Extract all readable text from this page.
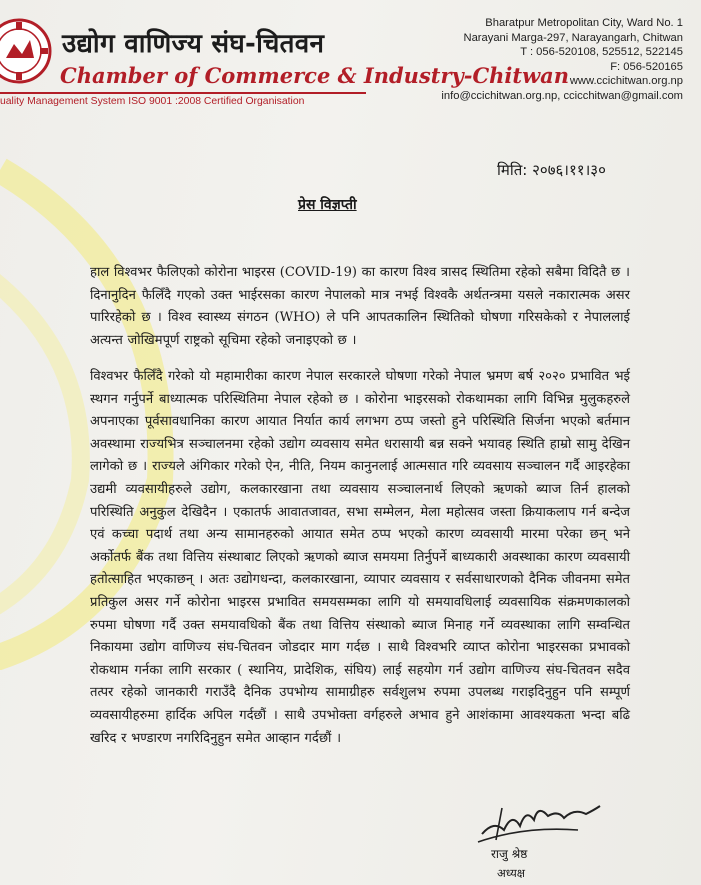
उद्योग वाणिज्य संघ-चितवन
Chamber of Commerce & Industry-Chitwan
uality Management System ISO 9001 :2008 Certified Organisation
Bharatpur Metropolitan City, Ward No. 1
Narayani Marga-297, Narayangarh, Chitwan
T : 056-520108, 525512, 522145
F: 056-520165
www.ccichitwan.org.np
info@ccichitwan.org.np, ccicchitwan@gmail.com
मिति: २०७६।११।३०
प्रेस विज्ञप्ती
हाल विश्वभर फैलिएको कोरोना भाइरस (COVID-19) का कारण विश्व त्रासद स्थितिमा रहेको सबैमा विदितै छ । दिनानुदिन फैलिँदै गएको उक्त भाईरसका कारण नेपालको मात्र नभई विश्वकै अर्थतन्त्रमा यसले नकारात्मक असर पारिरहेको छ । विश्व स्वास्थ्य संगठन (WHO) ले पनि आपतकालिन स्थितिको घोषणा गरिसकेको र नेपाललाई अत्यन्त जोखिमपूर्ण राष्ट्रको सूचिमा रहेको जनाइएको छ ।
विश्वभर फैलिँदै गरेको यो महामारीका कारण नेपाल सरकारले घोषणा गरेको नेपाल भ्रमण बर्ष २०२० प्रभावित भई स्थगन गर्नुपर्ने बाध्यात्मक परिस्थितिमा नेपाल रहेको छ । कोरोना भाइरसको रोकथामका लागि विभिन्न मुलुकहरुले अपनाएका पूर्वसावधानिका कारण आयात निर्यात कार्य लगभग ठप्प जस्तो हुने परिस्थिति सिर्जना भएको बर्तमान अवस्थामा राज्यभित्र सञ्चालनमा रहेको उद्योग व्यवसाय समेत धरासायी बन्न सक्ने भयावह स्थिति हाम्रो सामु देखिन लागेको छ । राज्यले अंगिकार गरेको ऐन, नीति, नियम कानुनलाई आत्मसात गरि व्यवसाय सञ्चालन गर्दै आइरहेका उद्यमी व्यवसायीहरुले उद्योग, कलकारखाना तथा व्यवसाय सञ्चालनार्थ लिएको ऋणको ब्याज तिर्न हालको परिस्थिति अनुकुल देखिदैन । एकातर्फ आवातजावत, सभा सम्मेलन, मेला महोत्सव जस्ता क्रियाकलाप गर्न बन्देज एवं कच्चा पदार्थ तथा अन्य सामानहरुको आयात समेत ठप्प भएको कारण व्यवसायी मारमा परेका छन् भने अर्कोतर्फ बैंक तथा वित्तिय संस्थाबाट लिएको ऋणको ब्याज समयमा तिर्नुपर्ने बाध्यकारी अवस्थाका कारण व्यवसायी हतोत्साहित भएकाछन् । अतः उद्योगधन्दा, कलकारखाना, व्यापार व्यवसाय र सर्वसाधारणको दैनिक जीवनमा समेत प्रतिकुल असर गर्ने कोरोना भाइरस प्रभावित समयसम्मका लागि यो समयावधिलाई व्यवसायिक संक्रमणकालको रुपमा घोषणा गर्दै उक्त समयावधिको बैंक तथा वित्तिय संस्थाको ब्याज मिनाह गर्ने व्यवस्थाका लागि सम्वन्धित निकायमा उद्योग वाणिज्य संघ-चितवन जोडदार माग गर्दछ । साथै विश्वभरि व्याप्त कोरोना भाइरसका प्रभावको रोकथाम गर्नका लागि सरकार ( स्थानिय, प्रादेशिक, संघिय) लाई सहयोग गर्न उद्योग वाणिज्य संघ-चितवन सदैव तत्पर रहेको जानकारी गराउँदै दैनिक उपभोग्य सामाग्रीहरु सर्वशुलभ रुपमा उपलब्ध गराइदिनुहुन पनि सम्पूर्ण व्यवसायीहरुमा हार्दिक अपिल गर्दछौं । साथै उपभोक्ता वर्गहरुले अभाव हुने आशंकामा आवश्यकता भन्दा बढि खरिद र भण्डारण नगरिदिनुहुन समेत आव्हान गर्दछौं ।
राजु श्रेष्ठ
अध्यक्ष
